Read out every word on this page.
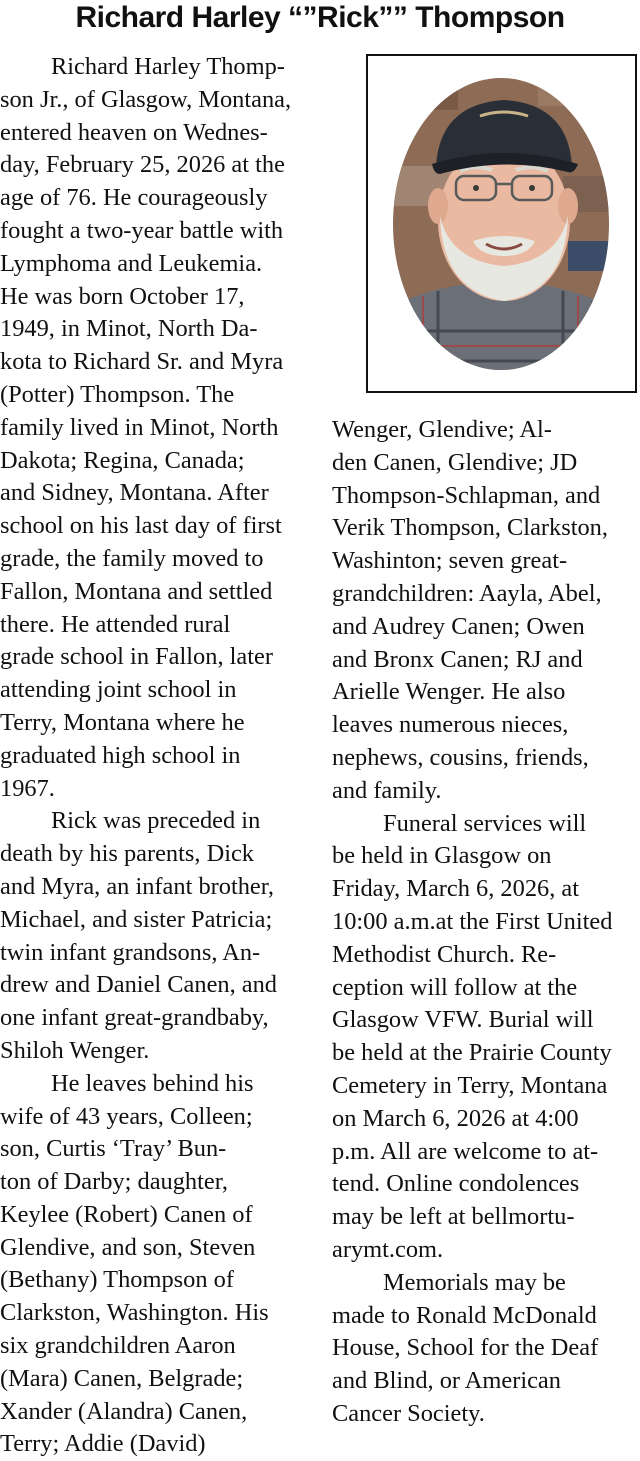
Richard Harley “”Rick”” Thompson
Richard Harley Thomp-
son Jr., of Glasgow, Montana,
entered heaven on Wednes-
day, February 25, 2026 at the
age of 76. He courageously
fought a two-year battle with
Lymphoma and Leukemia.
He was born October 17,
1949, in Minot, North Da-
kota to Richard Sr. and Myra
(Potter) Thompson. The
family lived in Minot, North
Dakota; Regina, Canada;
and Sidney, Montana. After
school on his last day of first
grade, the family moved to
Fallon, Montana and settled
there. He attended rural
grade school in Fallon, later
attending joint school in
Terry, Montana where he
graduated high school in
1967.
Rick was preceded in
death by his parents, Dick
and Myra, an infant brother,
Michael, and sister Patricia;
twin infant grandsons, An-
drew and Daniel Canen, and
one infant great-grandbaby,
Shiloh Wenger.
He leaves behind his
wife of 43 years, Colleen;
son, Curtis ‘Tray’ Bun-
ton of Darby; daughter,
Keylee (Robert) Canen of
Glendive, and son, Steven
(Bethany) Thompson of
Clarkston, Washington. His
six grandchildren Aaron
(Mara) Canen, Belgrade;
Xander (Alandra) Canen,
Terry; Addie (David)
Wenger, Glendive; Al-
den Canen, Glendive; JD
Thompson-Schlapman, and
Verik Thompson, Clarkston,
Washinton; seven great-
grandchildren: Aayla, Abel,
and Audrey Canen; Owen
and Bronx Canen; RJ and
Arielle Wenger. He also
leaves numerous nieces,
nephews, cousins, friends,
and family.
Funeral services will
be held in Glasgow on
Friday, March 6, 2026, at
10:00 a.m.at the First United
Methodist Church. Re-
ception will follow at the
Glasgow VFW. Burial will
be held at the Prairie County
Cemetery in Terry, Montana
on March 6, 2026 at 4:00
p.m. All are welcome to at-
tend. Online condolences
may be left at bellmortu-
arymt.com.
Memorials may be
made to Ronald McDonald
House, School for the Deaf
and Blind, or American
Cancer Society.
